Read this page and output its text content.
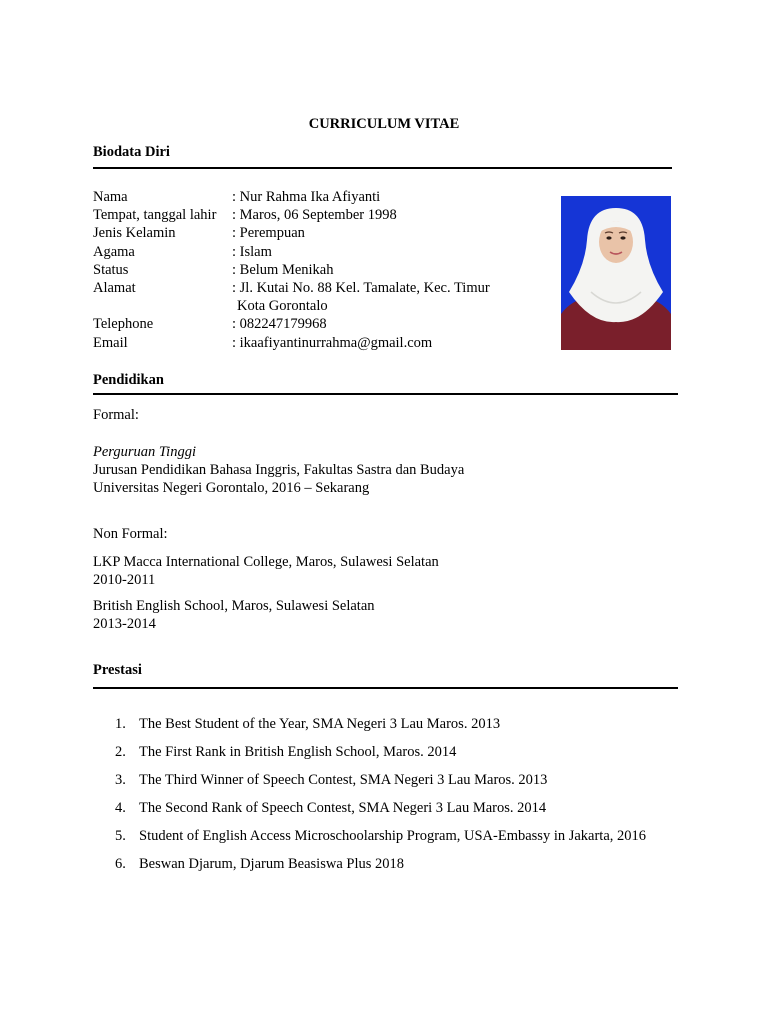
CURRICULUM VITAE
Biodata Diri
Nama	: Nur Rahma Ika Afiyanti
Tempat, tanggal lahir	: Maros, 06 September 1998
Jenis Kelamin	: Perempuan
Agama	: Islam
Status	: Belum Menikah
Alamat	: Jl. Kutai No. 88 Kel. Tamalate, Kec. Timur
Kota Gorontalo
Telephone	: 082247179968
Email	: ikaafiyantinurrahma@gmail.com
Pendidikan
Formal:
Perguruan Tinggi
Jurusan Pendidikan Bahasa Inggris, Fakultas Sastra dan Budaya
Universitas Negeri Gorontalo, 2016 – Sekarang
Non Formal:
LKP Macca International College, Maros, Sulawesi Selatan
2010-2011
British English School, Maros, Sulawesi Selatan
2013-2014
Prestasi
1. The Best Student of the Year, SMA Negeri 3 Lau Maros. 2013
2. The First Rank in British English School, Maros. 2014
3. The Third Winner of Speech Contest, SMA Negeri 3 Lau Maros. 2013
4. The Second Rank of Speech Contest, SMA Negeri 3 Lau Maros. 2014
5. Student of English Access Microschoolarship Program, USA-Embassy in Jakarta, 2016
6. Beswan Djarum, Djarum Beasiswa Plus 2018
